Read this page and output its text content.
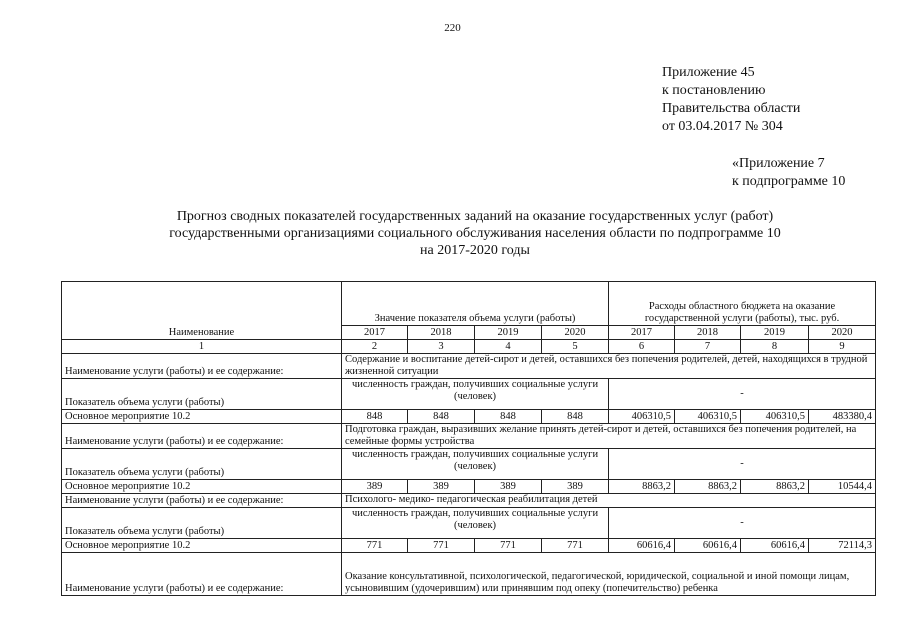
220
Приложение 45
к постановлению
Правительства области
от 03.04.2017 № 304
«Приложение 7
к подпрограмме 10
Прогноз сводных показателей государственных заданий на оказание государственных услуг (работ)
государственными организациями социального обслуживания населения области по подпрограмме 10
на 2017-2020 годы
Наименование	Значение показателя объема услуги (работы)				Расходы областного бюджета на оказание государственной услуги (работы), тыс. руб.			
	2017	2018	2019	2020	2017	2018	2019	2020
1	2	3	4	5	6	7	8	9
Наименование услуги (работы) и ее содержание:	Содержание и воспитание детей-сирот и детей, оставшихся без попечения родителей, детей, находящихся в трудной жизненной ситуации							
Показатель объема услуги (работы)	численность граждан, получивших социальные услуги (человек)				-			
Основное мероприятие 10.2	848	848	848	848	406310,5	406310,5	406310,5	483380,4
Наименование услуги (работы) и ее содержание:	Подготовка граждан, выразивших желание принять детей-сирот и детей, оставшихся без попечения родителей, на семейные формы устройства							
Показатель объема услуги (работы)	численность граждан, получивших социальные услуги (человек)				-			
Основное мероприятие 10.2	389	389	389	389	8863,2	8863,2	8863,2	10544,4
Наименование услуги (работы) и ее содержание:	Психолого- медико- педагогическая реабилитация детей							
Показатель объема услуги (работы)	численность граждан, получивших социальные услуги (человек)				-			
Основное мероприятие 10.2	771	771	771	771	60616,4	60616,4	60616,4	72114,3
Наименование услуги (работы) и ее содержание:	Оказание консультативной, психологической, педагогической, юридической, социальной и иной помощи лицам, усыновившим (удочерившим) или принявшим под опеку (попечительство) ребенка							
